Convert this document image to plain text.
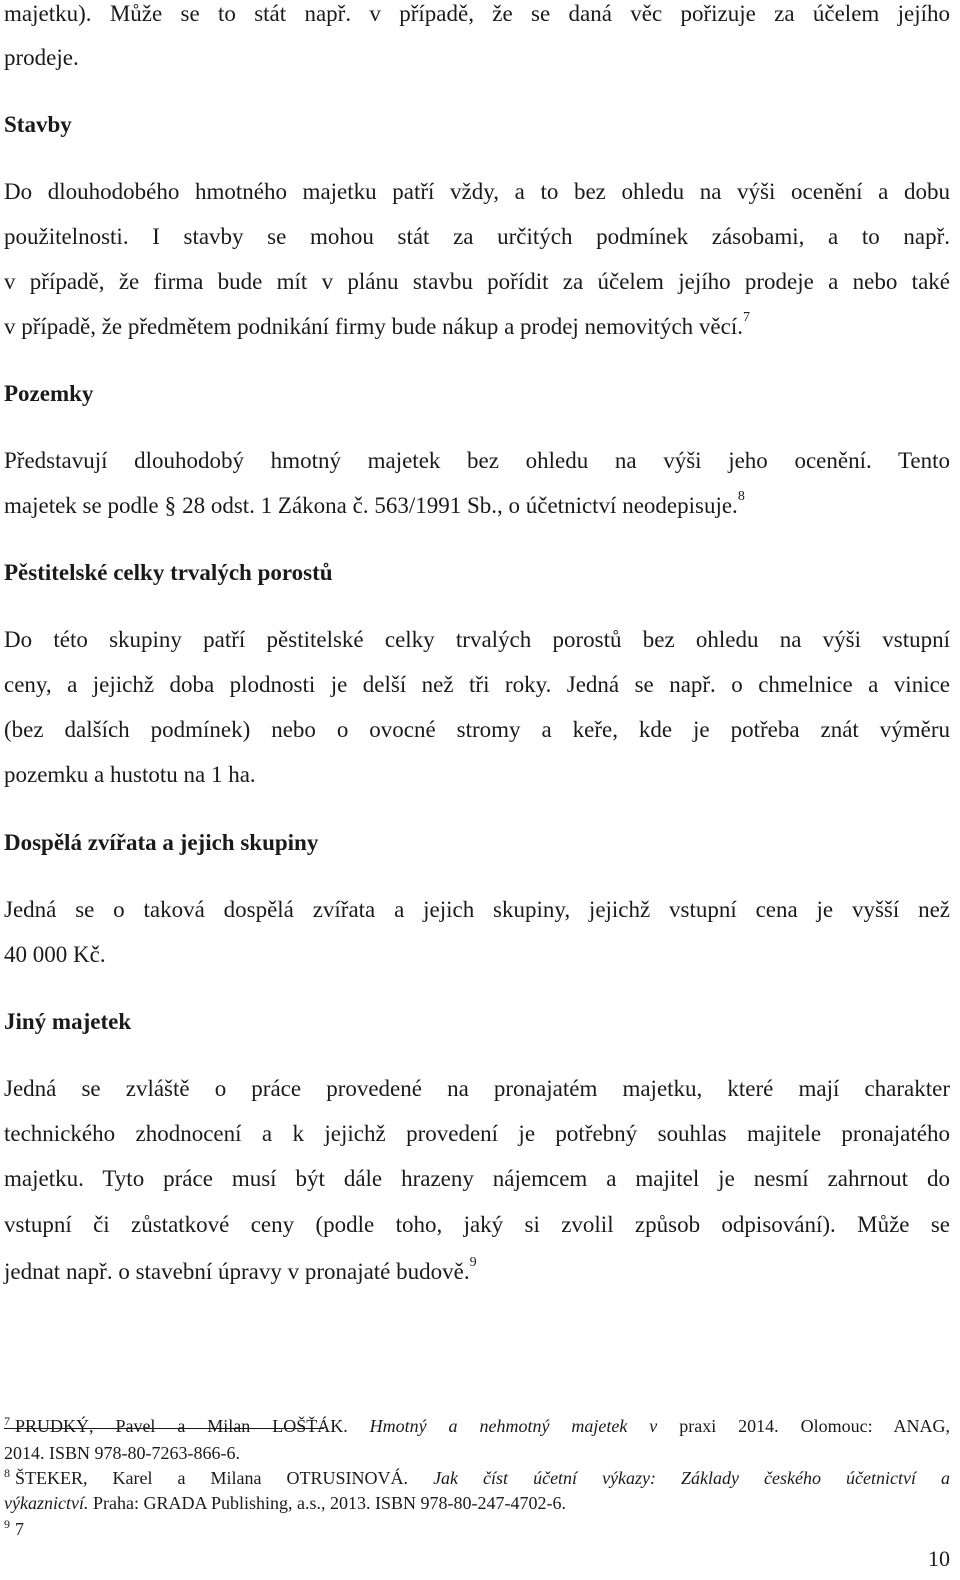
majetku). Může se to stát např. v případě, že se daná věc pořizuje za účelem jejího
prodeje.
Stavby
Do dlouhodobého hmotného majetku patří vždy, a to bez ohledu na výši ocenění a dobu
použitelnosti. I stavby se mohou stát za určitých podmínek zásobami, a to např.
v případě, že firma bude mít v plánu stavbu pořídit za účelem jejího prodeje a nebo také
v případě, že předmětem podnikání firmy bude nákup a prodej nemovitých věcí.$^7$
Pozemky
Představují dlouhodobý hmotný majetek bez ohledu na výši jeho ocenění. Tento
majetek se podle § 28 odst. 1 Zákona č. 563/1991 Sb., o účetnictví neodepisuje.$^8$
Pěstitelské celky trvalých porostů
Do této skupiny patří pěstitelské celky trvalých porostů bez ohledu na výši vstupní
ceny, a jejichž doba plodnosti je delší než tři roky. Jedná se např. o chmelnice a vinice
(bez dalších podmínek) nebo o ovocné stromy a keře, kde je potřeba znát výměru
pozemku a hustotu na 1 ha.
Dospělá zvířata a jejich skupiny
Jedná se o taková dospělá zvířata a jejich skupiny, jejichž vstupní cena je vyšší než
40 000 Kč.
Jiný majetek
Jedná se zvláště o práce provedené na pronajatém majetku, které mají charakter
technického zhodnocení a k jejichž provedení je potřebný souhlas majitele pronajatého
majetku. Tyto práce musí být dále hrazeny nájemcem a majitel je nesmí zahrnout do
vstupní či zůstatkové ceny (podle toho, jaký si zvolil způsob odpisování). Může se
jednat např. o stavební úpravy v pronajaté budově.$^9$
$^7$ PRUDKÝ, Pavel a Milan LOŠŤÁK. Hmotný a nehmotný majetek v praxi 2014. Olomouc: ANAG,
2014. ISBN 978-80-7263-866-6.
$^8$ ŠTEKER, Karel a Milana OTRUSINOVÁ. Jak číst účetní výkazy: Základy českého účetnictví a
výkaznictví. Praha: GRADA Publishing, a.s., 2013. ISBN 978-80-247-4702-6.
$^9$ 7
10
